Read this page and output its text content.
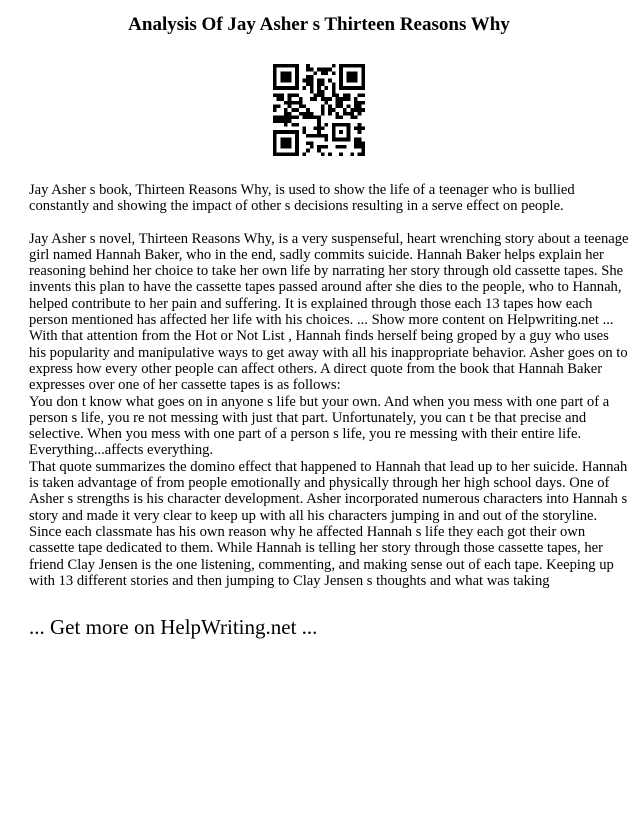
Analysis Of Jay Asher s Thirteen Reasons Why
Jay Asher s book, Thirteen Reasons Why, is used to show the life of a teenager who is bullied
constantly and showing the impact of other s decisions resulting in a serve effect on people.
Jay Asher s novel, Thirteen Reasons Why, is a very suspenseful, heart wrenching story about a teenage
girl named Hannah Baker, who in the end, sadly commits suicide. Hannah Baker helps explain her
reasoning behind her choice to take her own life by narrating her story through old cassette tapes. She
invents this plan to have the cassette tapes passed around after she dies to the people, who to Hannah,
helped contribute to her pain and suffering. It is explained through those each 13 tapes how each
person mentioned has affected her life with his choices. ... Show more content on Helpwriting.net ...
With that attention from the Hot or Not List , Hannah finds herself being groped by a guy who uses
his popularity and manipulative ways to get away with all his inappropriate behavior. Asher goes on to
express how every other people can affect others. A direct quote from the book that Hannah Baker
expresses over one of her cassette tapes is as follows:
You don t know what goes on in anyone s life but your own. And when you mess with one part of a
person s life, you re not messing with just that part. Unfortunately, you can t be that precise and
selective. When you mess with one part of a person s life, you re messing with their entire life.
Everything...affects everything.
That quote summarizes the domino effect that happened to Hannah that lead up to her suicide. Hannah
is taken advantage of from people emotionally and physically through her high school days. One of
Asher s strengths is his character development. Asher incorporated numerous characters into Hannah s
story and made it very clear to keep up with all his characters jumping in and out of the storyline.
Since each classmate has his own reason why he affected Hannah s life they each got their own
cassette tape dedicated to them. While Hannah is telling her story through those cassette tapes, her
friend Clay Jensen is the one listening, commenting, and making sense out of each tape. Keeping up
with 13 different stories and then jumping to Clay Jensen s thoughts and what was taking
... Get more on HelpWriting.net ...
